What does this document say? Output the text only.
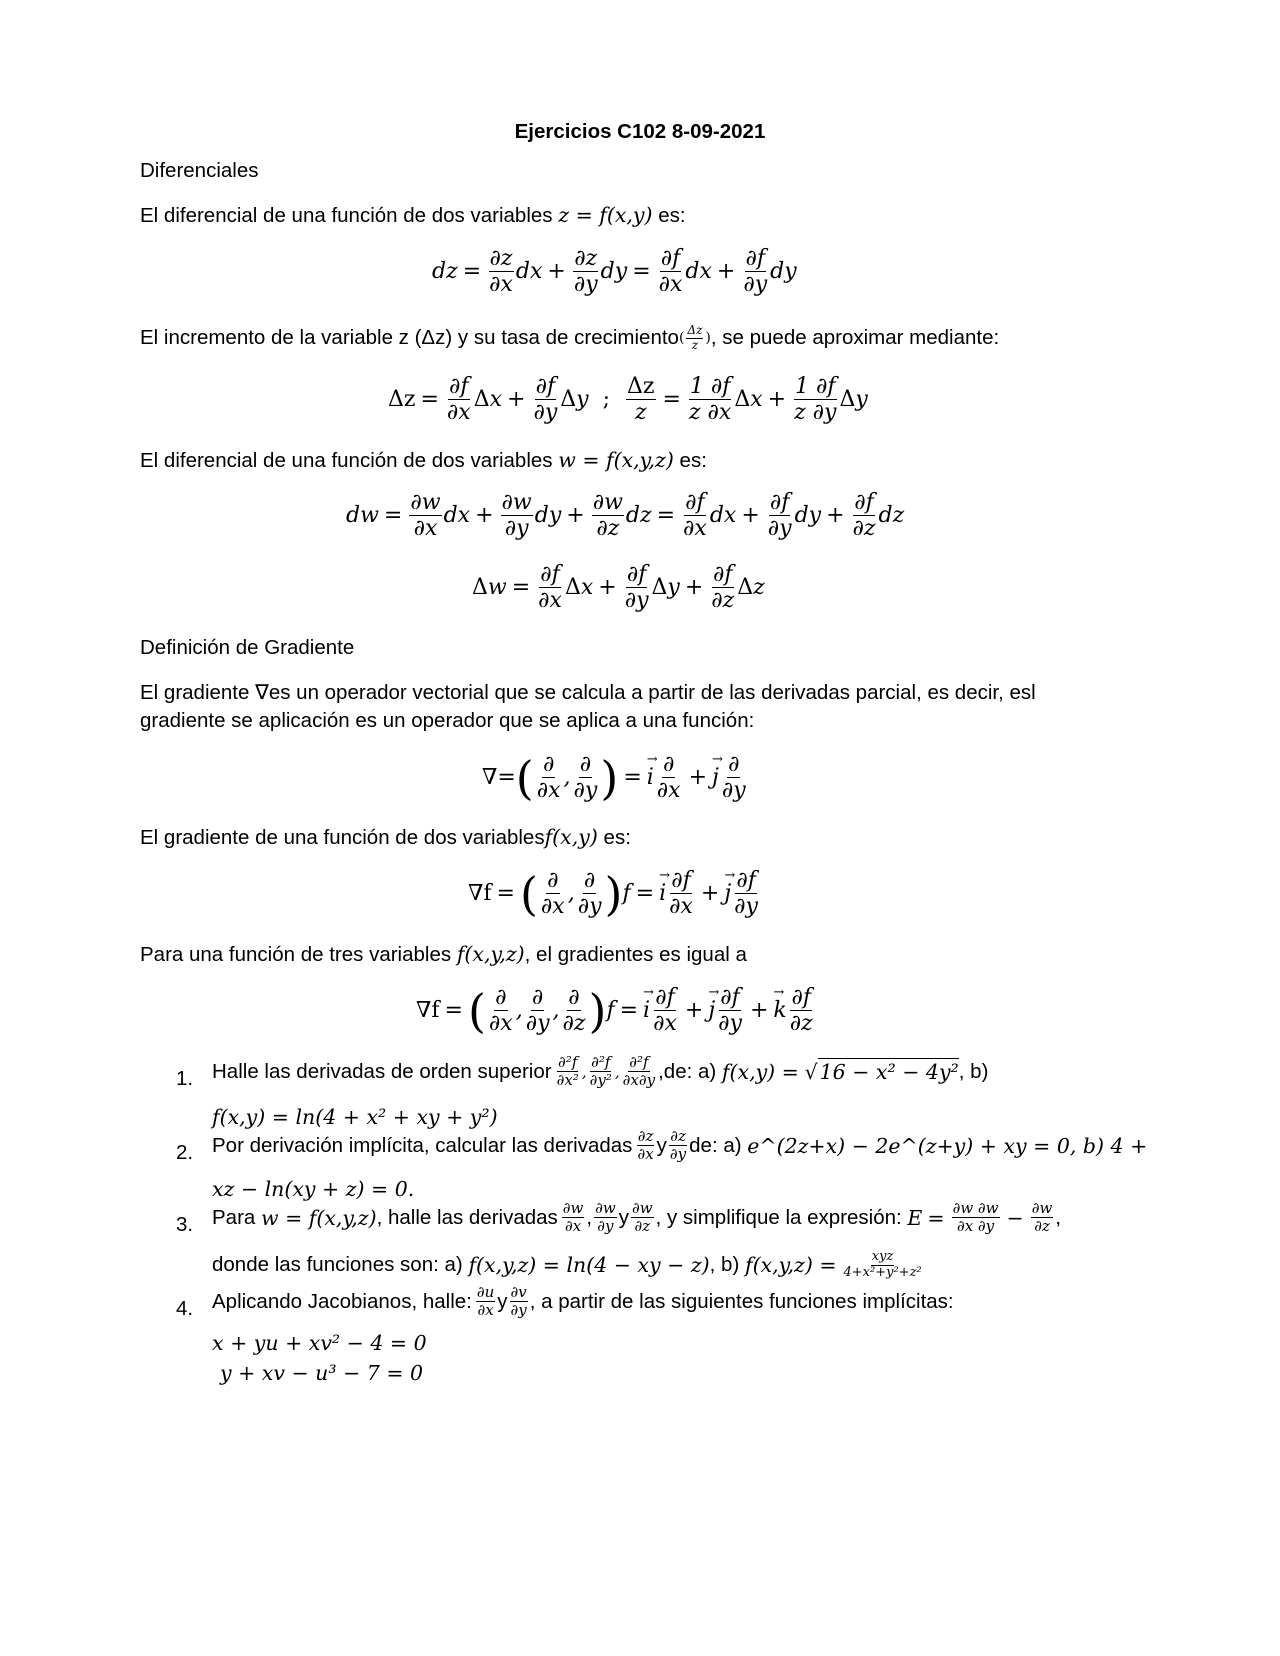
Ejercicios C102 8-09-2021
Diferenciales
El diferencial de una función de dos variables z = f(x,y) es:
dz = $\frac{\partial z}{\partial x}$ dx + $\frac{\partial z}{\partial y}$ dy = $\frac{\partial f}{\partial x}$ dx + $\frac{\partial f}{\partial y}$ dy
El incremento de la variable z (Δz) y su tasa de crecimiento ( $\frac{\Delta z}{z}$ ) , se puede aproximar mediante:
$\Delta z = \frac{\partial f}{\partial x}$ Δ $x + \frac{\partial f}{\partial y}$ Δ y ; $\frac{\Delta z}{z} = \frac{1 \partial f}{z \partial x}$ Δ $x + \frac{1 \partial f}{z \partial y}$ Δ y
El diferencial de una función de dos variables w = f(x,y,z) es:
dw = $\frac{\partial w}{\partial x}$ dx + $\frac{\partial w}{\partial y}$ dy + $\frac{\partial w}{\partial z}$ dz = $\frac{\partial f}{\partial x}$ dx + $\frac{\partial f}{\partial y}$ dy + $\frac{\partial f}{\partial z}$ dz
Δ $w = \frac{\partial f}{\partial x}$ Δ $x + \frac{\partial f}{\partial y}$ Δ $y + \frac{\partial f}{\partial z}$ Δ z
Definición de Gradiente
El gradiente ∇es un operador vectorial que se calcula a partir de las derivadas parcial, es decir, esl
gradiente se aplicación es un operador que se aplica a una función:
∇= ( $\frac{\partial}{\partial x}$ , $\frac{\partial}{\partial y}$ ) = $i \to \frac{\partial}{\partial x} + j \to \frac{\partial}{\partial y}$
El gradiente de una función de dos variablesf(x,y) es:
∇f = ( $\frac{\partial}{\partial x}$ , $\frac{\partial}{\partial y}$ ) $f = i \to \frac{\partial f}{\partial x} + j \to \frac{\partial f}{\partial y}$
Para una función de tres variables f(x,y,z), el gradientes es igual a
∇f = ( $\frac{\partial}{\partial x}$ , $\frac{\partial}{\partial y}$ , $\frac{\partial}{\partial z}$ ) $f = i \to \frac{\partial f}{\partial x} + j \to \frac{\partial f}{\partial y} + k \to \frac{\partial f}{\partial z}$
1. Halle las derivadas de orden superior $\frac{\text{∂²f}}{\text{∂x²}}$ , $\frac{\text{∂²f}}{\text{∂y²}}$ , $\frac{\text{∂²f}}{\partial x\partial y} ,de$: a)
f(x,y) =
√ 16 − x² − 4y² , b)
f(x,y) = ln(4 + x² + xy + y²)
2. Por derivación implícita, calcular las derivadas $\frac{\partial z}{\partial x}$ y $\frac{\partial z}{\partial y}$ de: a)
e^(2z+x) − 2e^(z+y) + xy = 0, b) 4 +
xz − ln(xy + z) = 0.
3. Para
w = f(x,y,z) , halle las derivadas $\frac{\partial w}{\partial x}$ , $\frac{\partial w}{\partial y}$ y $\frac{\partial w}{\partial z}$ , y simplifique la expresión:
$E = \frac{\partial w \partial w}{\partial x \partial y} - \frac{\partial w}{\partial z}$ ,
donde las funciones son: a)
f(x,y,z) = ln(4 − xy − z) , b)
$f(x,y,z) = \frac{\text{xyz}}{\text{4+x²+y²+z²}}$
4. Aplicando Jacobianos, halle: $\frac{\partial u}{\partial x}$ y $\frac{\partial v}{\partial y}$ , a partir de las siguientes funciones implícitas:
x + yu + xv² − 4 = 0
y + xv − u³ − 7 = 0
